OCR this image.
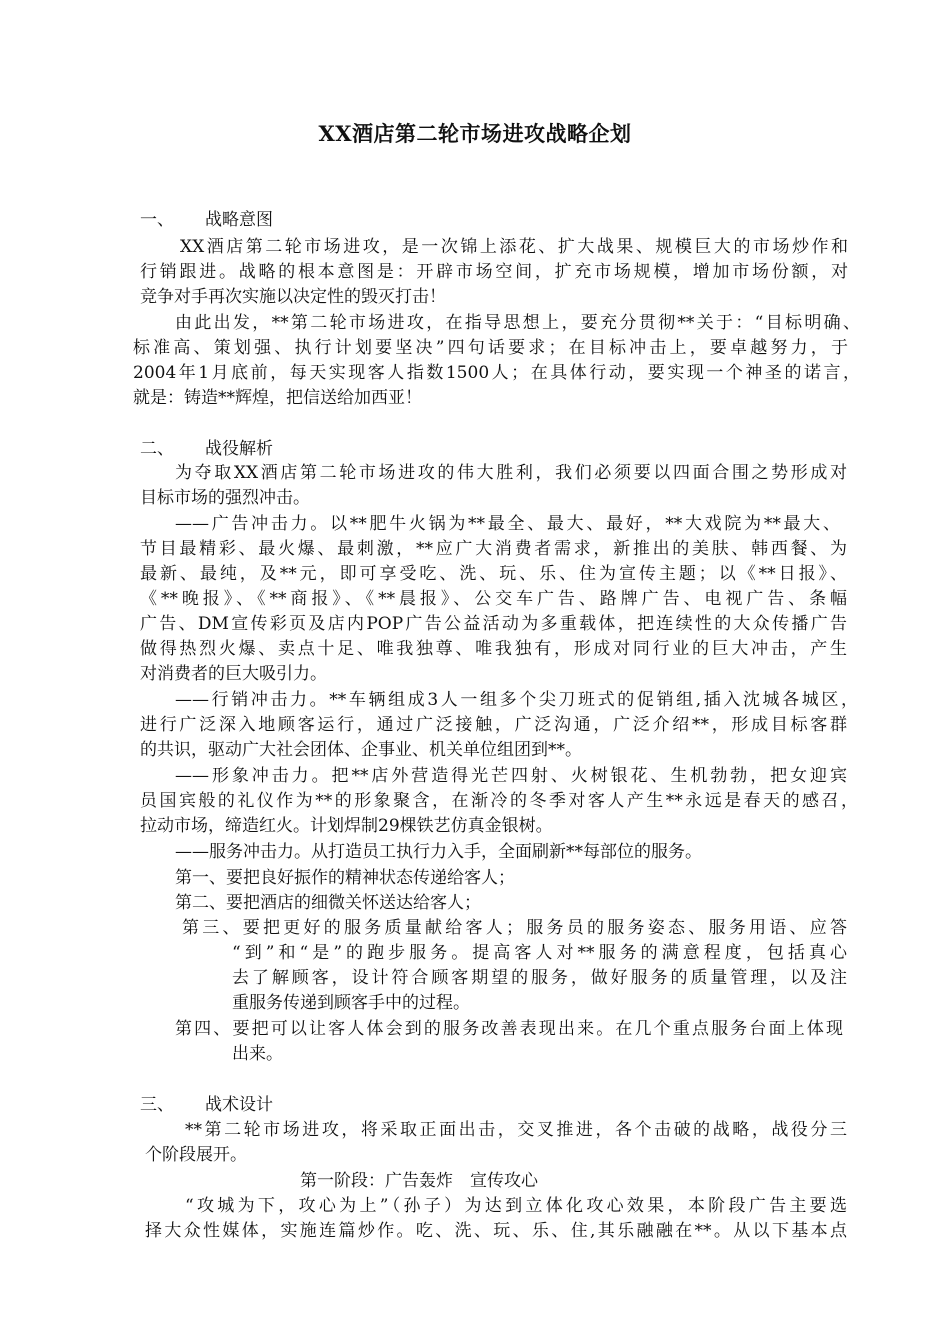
XX酒店第二轮市场进攻战略企划
一、 战略意图
XX酒店第二轮市场进攻，是一次锦上添花、扩大战果、规模巨大的市场炒作和
行销跟进。战略的根本意图是：开辟市场空间，扩充市场规模，增加市场份额，对
竞争对手再次实施以决定性的毁灭打击！
由此出发，**第二轮市场进攻，在指导思想上，要充分贯彻**关于：“目标明确、
标准高、策划强、执行计划要坚决”四句话要求；在目标冲击上，要卓越努力，于
2004年1月底前，每天实现客人指数1500人；在具体行动，要实现一个神圣的诺言，
就是：铸造**辉煌，把信送给加西亚！
二、 战役解析
为夺取XX酒店第二轮市场进攻的伟大胜利，我们必须要以四面合围之势形成对
目标市场的强烈冲击。
——广告冲击力。以**肥牛火锅为**最全、最大、最好，**大戏院为**最大、
节目最精彩、最火爆、最刺激，**应广大消费者需求，新推出的美肤、韩西餐、为
最新、最纯，及**元，即可享受吃、洗、玩、乐、住为宣传主题；以《**日报》、
《**晚报》、《**商报》、《**晨报》、公交车广告、路牌广告、电视广告、条幅
广告、DM宣传彩页及店内POP广告公益活动为多重载体，把连续性的大众传播广告
做得热烈火爆、卖点十足、唯我独尊、唯我独有，形成对同行业的巨大冲击，产生
对消费者的巨大吸引力。
——行销冲击力。**车辆组成3人一组多个尖刀班式的促销组,插入沈城各城区，
进行广泛深入地顾客运行，通过广泛接触，广泛沟通，广泛介绍**，形成目标客群
的共识，驱动广大社会团体、企事业、机关单位组团到**。
——形象冲击力。把**店外营造得光芒四射、火树银花、生机勃勃，把女迎宾
员国宾般的礼仪作为**的形象聚含，在渐冷的冬季对客人产生**永远是春天的感召，
拉动市场，缔造红火。计划焊制29棵铁艺仿真金银树。
——服务冲击力。从打造员工执行力入手，全面刷新**每部位的服务。
第一、要把良好振作的精神状态传递给客人；
第二、要把酒店的细微关怀送达给客人；
第三、要把更好的服务质量献给客人；服务员的服务姿态、服务用语、应答
“到”和“是”的跑步服务。提高客人对**服务的满意程度，包括真心
去了解顾客，设计符合顾客期望的服务，做好服务的质量管理，以及注
重服务传递到顾客手中的过程。
第四、要把可以让客人体会到的服务改善表现出来。在几个重点服务台面上体现
出来。
三、 战术设计
**第二轮市场进攻，将采取正面出击，交叉推进，各个击破的战略，战役分三
个阶段展开。
第一阶段：广告轰炸　宣传攻心
“攻城为下，攻心为上”（孙子）为达到立体化攻心效果，本阶段广告主要选
择大众性媒体，实施连篇炒作。吃、洗、玩、乐、住,其乐融融在**。从以下基本点
